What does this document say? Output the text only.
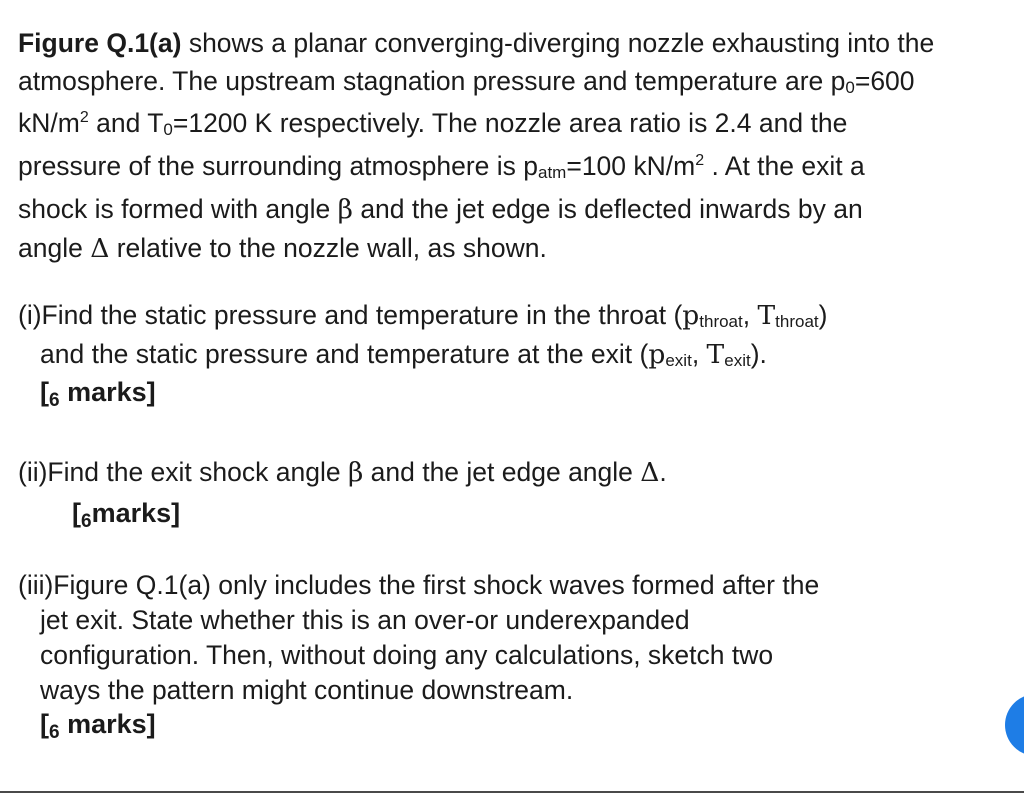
Figure Q.1(a) shows a planar converging-diverging nozzle exhausting into the
atmosphere. The upstream stagnation pressure and temperature are $p_0=600$
$kN/m^2$ and $T_0=1200$ K respectively. The nozzle area ratio is 2.4 and the
pressure of the surrounding atmosphere is $p_{atm}=100$ $kN/m^2$ . At the exit a
shock is formed with angle β and the jet edge is deflected inwards by an
angle Δ relative to the nozzle wall, as shown.
(i)Find the static pressure and temperature in the throat ($p_{throat}$, $T_{throat}$)
and the static pressure and temperature at the exit ($p_{exit}$, $T_{exit}$).
[6 marks]
(ii)Find the exit shock angle β and the jet edge angle Δ.
[6marks]
(iii)Figure Q.1(a) only includes the first shock waves formed after the
jet exit. State whether this is an over-or underexpanded
configuration. Then, without doing any calculations, sketch two
ways the pattern might continue downstream.
[6 marks]
